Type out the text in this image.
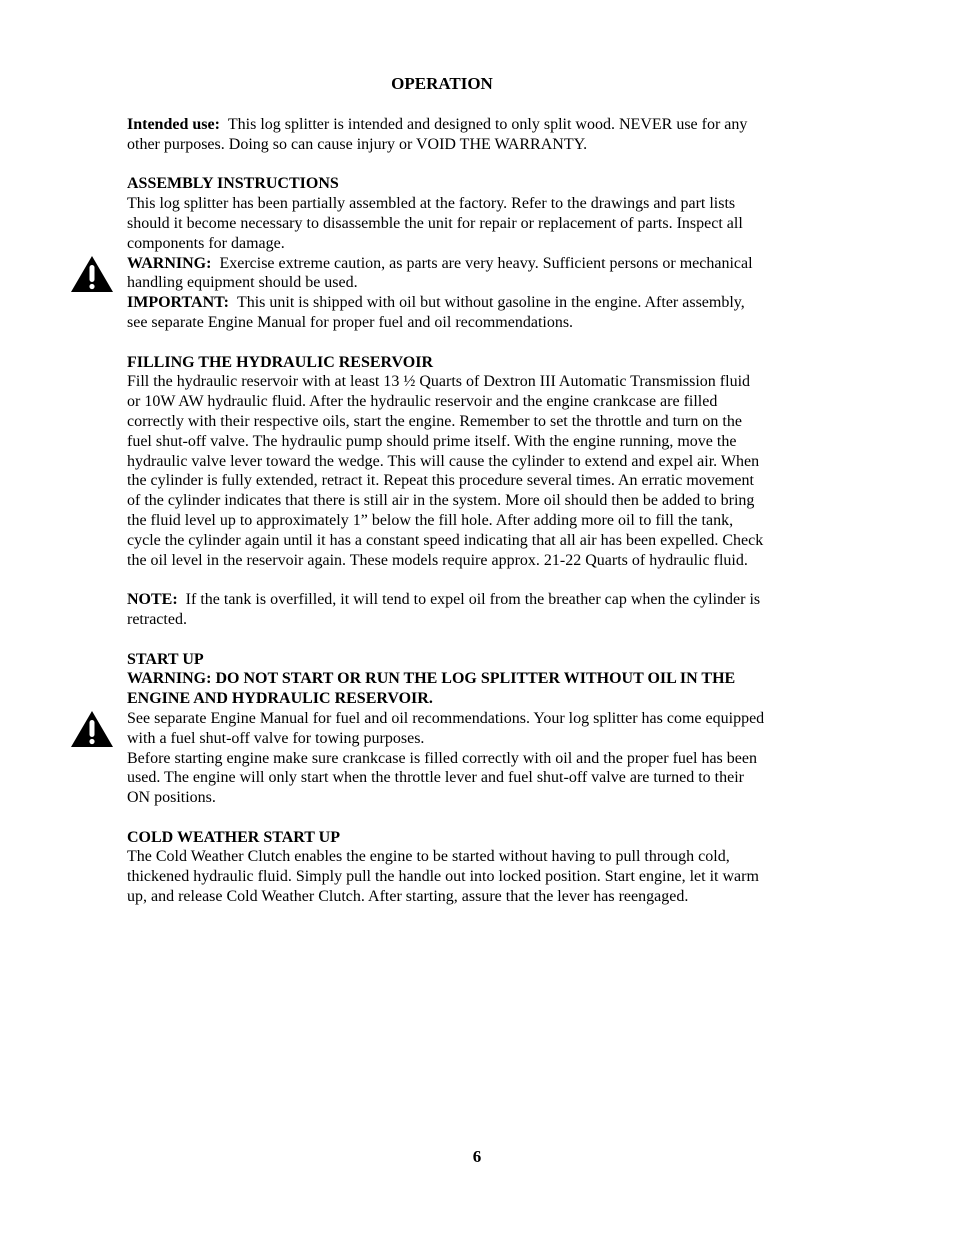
OPERATION

Intended use: This log splitter is intended and designed to only split wood. NEVER use for any other purposes. Doing so can cause injury or VOID THE WARRANTY.

ASSEMBLY INSTRUCTIONS
This log splitter has been partially assembled at the factory. Refer to the drawings and part lists should it become necessary to disassemble the unit for repair or replacement of parts. Inspect all components for damage.
WARNING: Exercise extreme caution, as parts are very heavy. Sufficient persons or mechanical handling equipment should be used.
IMPORTANT: This unit is shipped with oil but without gasoline in the engine. After assembly, see separate Engine Manual for proper fuel and oil recommendations.
FILLING THE HYDRAULIC RESERVOIR
Fill the hydraulic reservoir with at least 13 ½ Quarts of Dextron III Automatic Transmission fluid or 10W AW hydraulic fluid. After the hydraulic reservoir and the engine crankcase are filled correctly with their respective oils, start the engine. Remember to set the throttle and turn on the fuel shut-off valve. The hydraulic pump should prime itself. With the engine running, move the hydraulic valve lever toward the wedge. This will cause the cylinder to extend and expel air. When the cylinder is fully extended, retract it. Repeat this procedure several times. An erratic movement of the cylinder indicates that there is still air in the system. More oil should then be added to bring the fluid level up to approximately 1” below the fill hole. After adding more oil to fill the tank, cycle the cylinder again until it has a constant speed indicating that all air has been expelled. Check the oil level in the reservoir again. These models require approx. 21-22 Quarts of hydraulic fluid.

NOTE: If the tank is overfilled, it will tend to expel oil from the breather cap when the cylinder is retracted.

START UP
WARNING: DO NOT START OR RUN THE LOG SPLITTER WITHOUT OIL IN THE ENGINE AND HYDRAULIC RESERVOIR.
See separate Engine Manual for fuel and oil recommendations. Your log splitter has come equipped with a fuel shut-off valve for towing purposes.
Before starting engine make sure crankcase is filled correctly with oil and the proper fuel has been used. The engine will only start when the throttle lever and fuel shut-off valve are turned to their ON positions.
COLD WEATHER START UP
The Cold Weather Clutch enables the engine to be started without having to pull through cold, thickened hydraulic fluid. Simply pull the handle out into locked position. Start engine, let it warm up, and release Cold Weather Clutch. After starting, assure that the lever has reengaged.
6
